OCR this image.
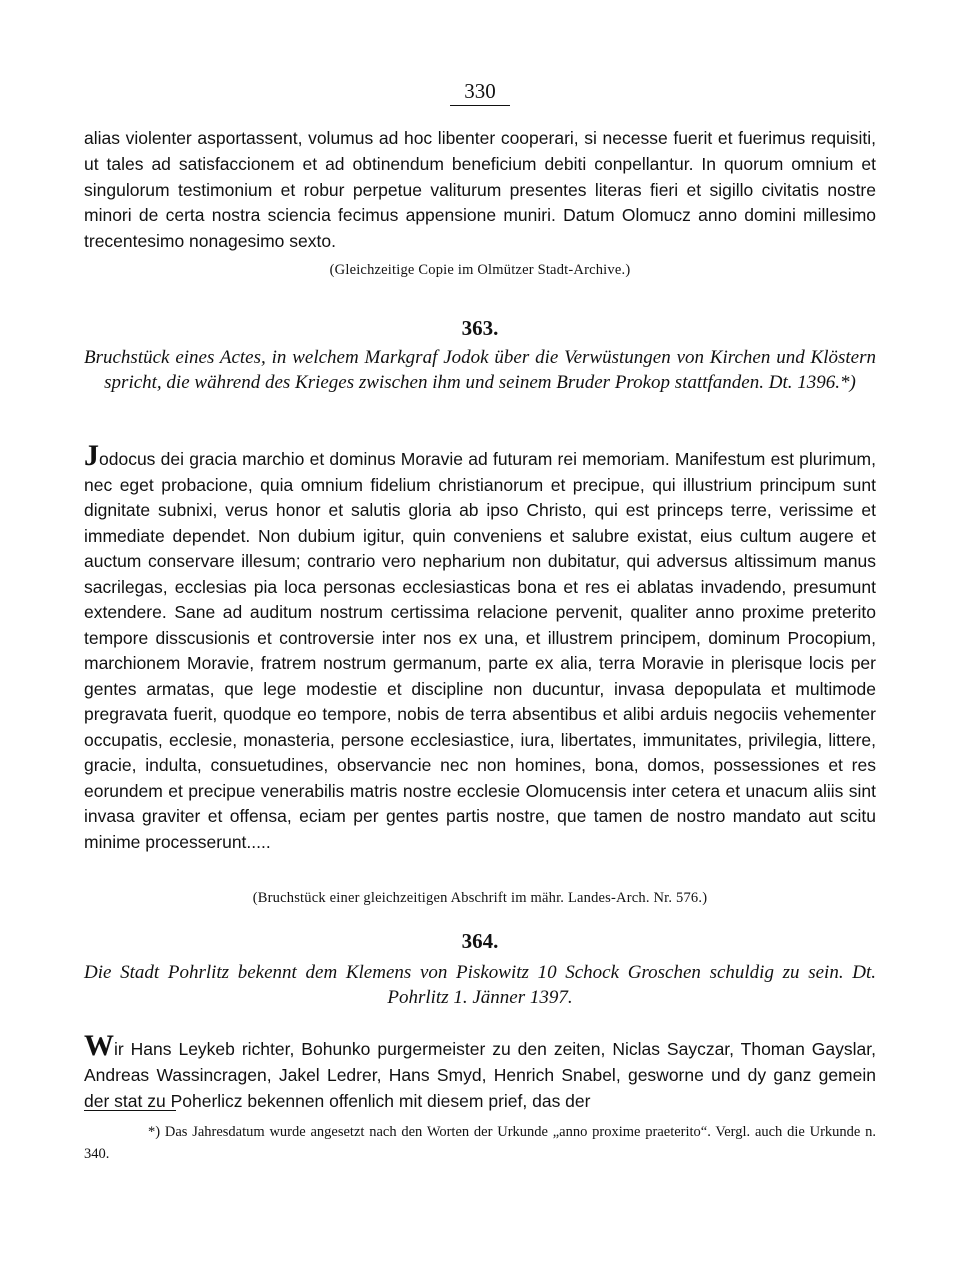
330

alias violenter asportassent, volumus ad hoc libenter cooperari, si necesse fuerit et fuerimus requisiti, ut tales ad satisfaccionem et ad obtinendum beneficium debiti conpellantur. In quorum omnium et singulorum testimonium et robur perpetue valiturum presentes literas fieri et sigillo civitatis nostre minori de certa nostra sciencia fecimus appensione muniri. Datum Olomucz anno domini millesimo trecentesimo nonagesimo sexto.

(Gleichzeitige Copie im Olmützer Stadt-Archive.)
363.
Bruchstück eines Actes, in welchem Markgraf Jodok über die Verwüstungen von Kirchen und Klöstern spricht, die während des Krieges zwischen ihm und seinem Bruder Prokop stattfanden. Dt. 1396.*)

Jodocus dei gracia marchio et dominus Moravie ad futuram rei memoriam. Manifestum est plurimum, nec eget probacione, quia omnium fidelium christianorum et precipue, qui illustrium principum sunt dignitate subnixi, verus honor et salutis gloria ab ipso Christo, qui est princeps terre, verissime et immediate dependet. Non dubium igitur, quin conveniens et salubre existat, eius cultum augere et auctum conservare illesum; contrario vero nepharium non dubitatur, qui adversus altissimum manus sacrilegas, ecclesias pia loca personas ecclesiasticas bona et res ei ablatas invadendo, presumunt extendere. Sane ad auditum nostrum certissima relacione pervenit, qualiter anno proxime preterito tempore disscusionis et controversie inter nos ex una, et illustrem principem, dominum Procopium, marchionem Moravie, fratrem nostrum germanum, parte ex alia, terra Moravie in plerisque locis per gentes armatas, que lege modestie et discipline non ducuntur, invasa depopulata et multimode pregravata fuerit, quodque eo tempore, nobis de terra absentibus et alibi arduis negociis vehementer occupatis, ecclesie, monasteria, persone ecclesiastice, iura, libertates, immunitates, privilegia, littere, gracie, indulta, consuetudines, observancie nec non homines, bona, domos, possessiones et res eorundem et precipue venerabilis matris nostre ecclesie Olomucensis inter cetera et unacum aliis sint invasa graviter et offensa, eciam per gentes partis nostre, que tamen de nostro mandato aut scitu minime processerunt.....

(Bruchstück einer gleichzeitigen Abschrift im mähr. Landes-Arch. Nr. 576.)
364.
Die Stadt Pohrlitz bekennt dem Klemens von Piskowitz 10 Schock Groschen schuldig zu sein. Dt. Pohrlitz 1. Jänner 1397.

Wir Hans Leykeb richter, Bohunko purgermeister zu den zeiten, Niclas Sayczar, Thoman Gayslar, Andreas Wassincragen, Jakel Ledrer, Hans Smyd, Henrich Snabel, gesworne und dy ganz gemein der stat zu Poherlicz bekennen offenlich mit diesem prief, das der

*) Das Jahresdatum wurde angesetzt nach den Worten der Urkunde „anno proxime praeterito“. Vergl. auch die Urkunde n. 340.
